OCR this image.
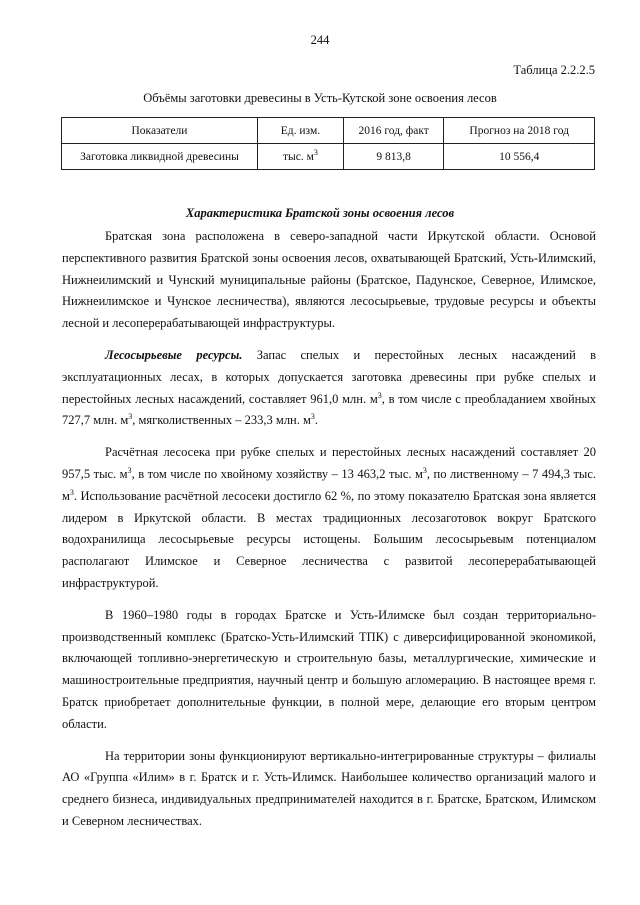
244
Таблица 2.2.2.5
Объёмы заготовки древесины в Усть-Кутской зоне освоения лесов
Показатели	Ед. изм.	2016 год, факт	Прогноз на 2018 год
Заготовка ликвидной древесины	тыс. $м^3$	9 813,8	10 556,4
Характеристика Братской зоны освоения лесов

Братская зона расположена в северо-западной части Иркутской области. Основой перспективного развития Братской зоны освоения лесов, охватывающей Братский, Усть-Илимский, Нижнеилимский и Чунский муниципальные районы (Братское, Падунское, Северное, Илимское, Нижнеилимское и Чунское лесничества), являются лесосырьевые, трудовые ресурсы и объекты лесной и лесоперерабатывающей инфраструктуры.

Лесосырьевые ресурсы. Запас спелых и перестойных лесных насаждений в эксплуатационных лесах, в которых допускается заготовка древесины при рубке спелых и перестойных лесных насаждений, составляет 961,0 млн. $м^3$, в том числе с преобладанием хвойных 727,7 млн. $м^3$, мягколиственных – 233,3 млн. $м^3$.

Расчётная лесосека при рубке спелых и перестойных лесных насаждений составляет 20 957,5 тыс. $м^3$, в том числе по хвойному хозяйству – 13 463,2 тыс. $м^3$, по лиственному – 7 494,3 тыс. $м^3$. Использование расчётной лесосеки достигло 62 %, по этому показателю Братская зона является лидером в Иркутской области. В местах традиционных лесозаготовок вокруг Братского водохранилища лесосырьевые ресурсы истощены. Большим лесосырьевым потенциалом располагают Илимское и Северное лесничества с развитой лесоперерабатывающей инфраструктурой.

В 1960–1980 годы в городах Братске и Усть-Илимске был создан территориально-производственный комплекс (Братско-Усть-Илимский ТПК) с диверсифицированной экономикой, включающей топливно-энергетическую и строительную базы, металлургические, химические и машиностроительные предприятия, научный центр и большую агломерацию. В настоящее время г. Братск приобретает дополнительные функции, в полной мере, делающие его вторым центром области.

На территории зоны функционируют вертикально-интегрированные структуры – филиалы АО «Группа «Илим» в г. Братск и г. Усть-Илимск. Наибольшее количество организаций малого и среднего бизнеса, индивидуальных предпринимателей находится в г. Братске, Братском, Илимском и Северном лесничествах.
